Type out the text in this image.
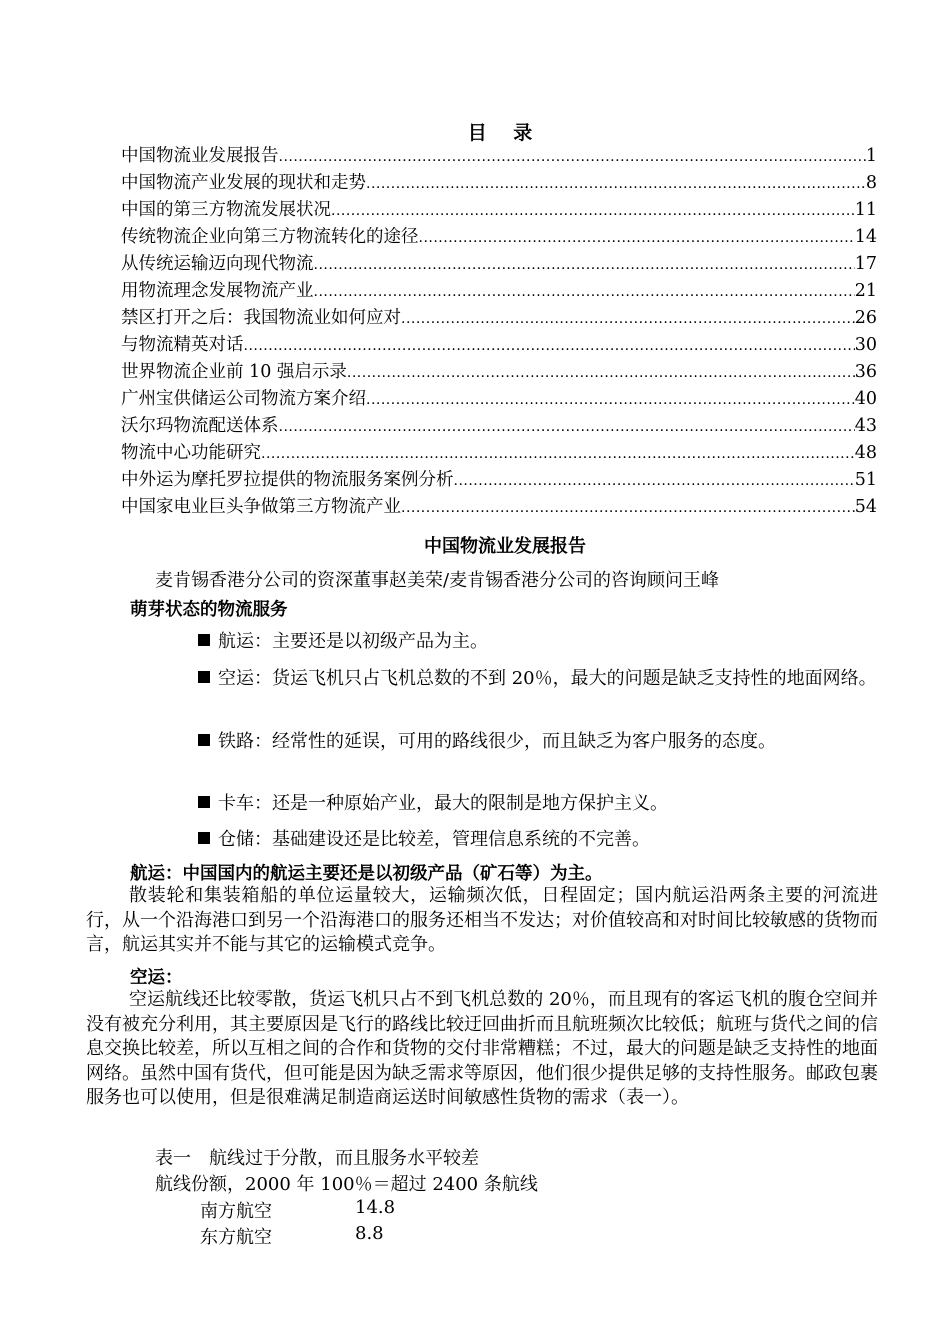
目 录
中国物流业发展报告 .....	1
中国物流产业发展的现状和走势 .....	8
中国的第三方物流发展状况 .....	11
传统物流企业向第三方物流转化的途径 .....	14
从传统运输迈向现代物流 .....	17
用物流理念发展物流产业 .....	21
禁区打开之后：我国物流业如何应对 .....	26
与物流精英对话 .....	30
世界物流企业前 10 强启示录 .....	36
广州宝供储运公司物流方案介绍 .....	40
沃尔玛物流配送体系 .....	43
物流中心功能研究 .....	48
中外运为摩托罗拉提供的物流服务案例分析 .....	51
中国家电业巨头争做第三方物流产业 .....	54
中国物流业发展报告
麦肯锡香港分公司的资深董事赵美荣/麦肯锡香港分公司的咨询顾问王峰
萌芽状态的物流服务
航运：主要还是以初级产品为主。
空运：货运飞机只占飞机总数的不到 20％，最大的问题是缺乏支持性的地面网络。
铁路：经常性的延误，可用的路线很少，而且缺乏为客户服务的态度。
卡车：还是一种原始产业，最大的限制是地方保护主义。
仓储：基础建设还是比较差，管理信息系统的不完善。
航运：中国国内的航运主要还是以初级产品（矿石等）为主。
散装轮和集装箱船的单位运量较大，运输频次低，日程固定；国内航运沿两条主要的河流进行，从一个沿海港口到另一个沿海港口的服务还相当不发达；对价值较高和对时间比较敏感的货物而言，航运其实并不能与其它的运输模式竞争。
空运：
空运航线还比较零散，货运飞机只占不到飞机总数的 20％，而且现有的客运飞机的腹仓空间并没有被充分利用，其主要原因是飞行的路线比较迂回曲折而且航班频次比较低；航班与货代之间的信息交换比较差，所以互相之间的合作和货物的交付非常糟糕；不过，最大的问题是缺乏支持性的地面网络。虽然中国有货代，但可能是因为缺乏需求等原因，他们很少提供足够的支持性服务。邮政包裹服务也可以使用，但是很难满足制造商运送时间敏感性货物的需求（表一）。
表一　航线过于分散，而且服务水平较差
航线份额，2000 年 100％＝超过 2400 条航线
南方航空	14.8
东方航空	8.8
